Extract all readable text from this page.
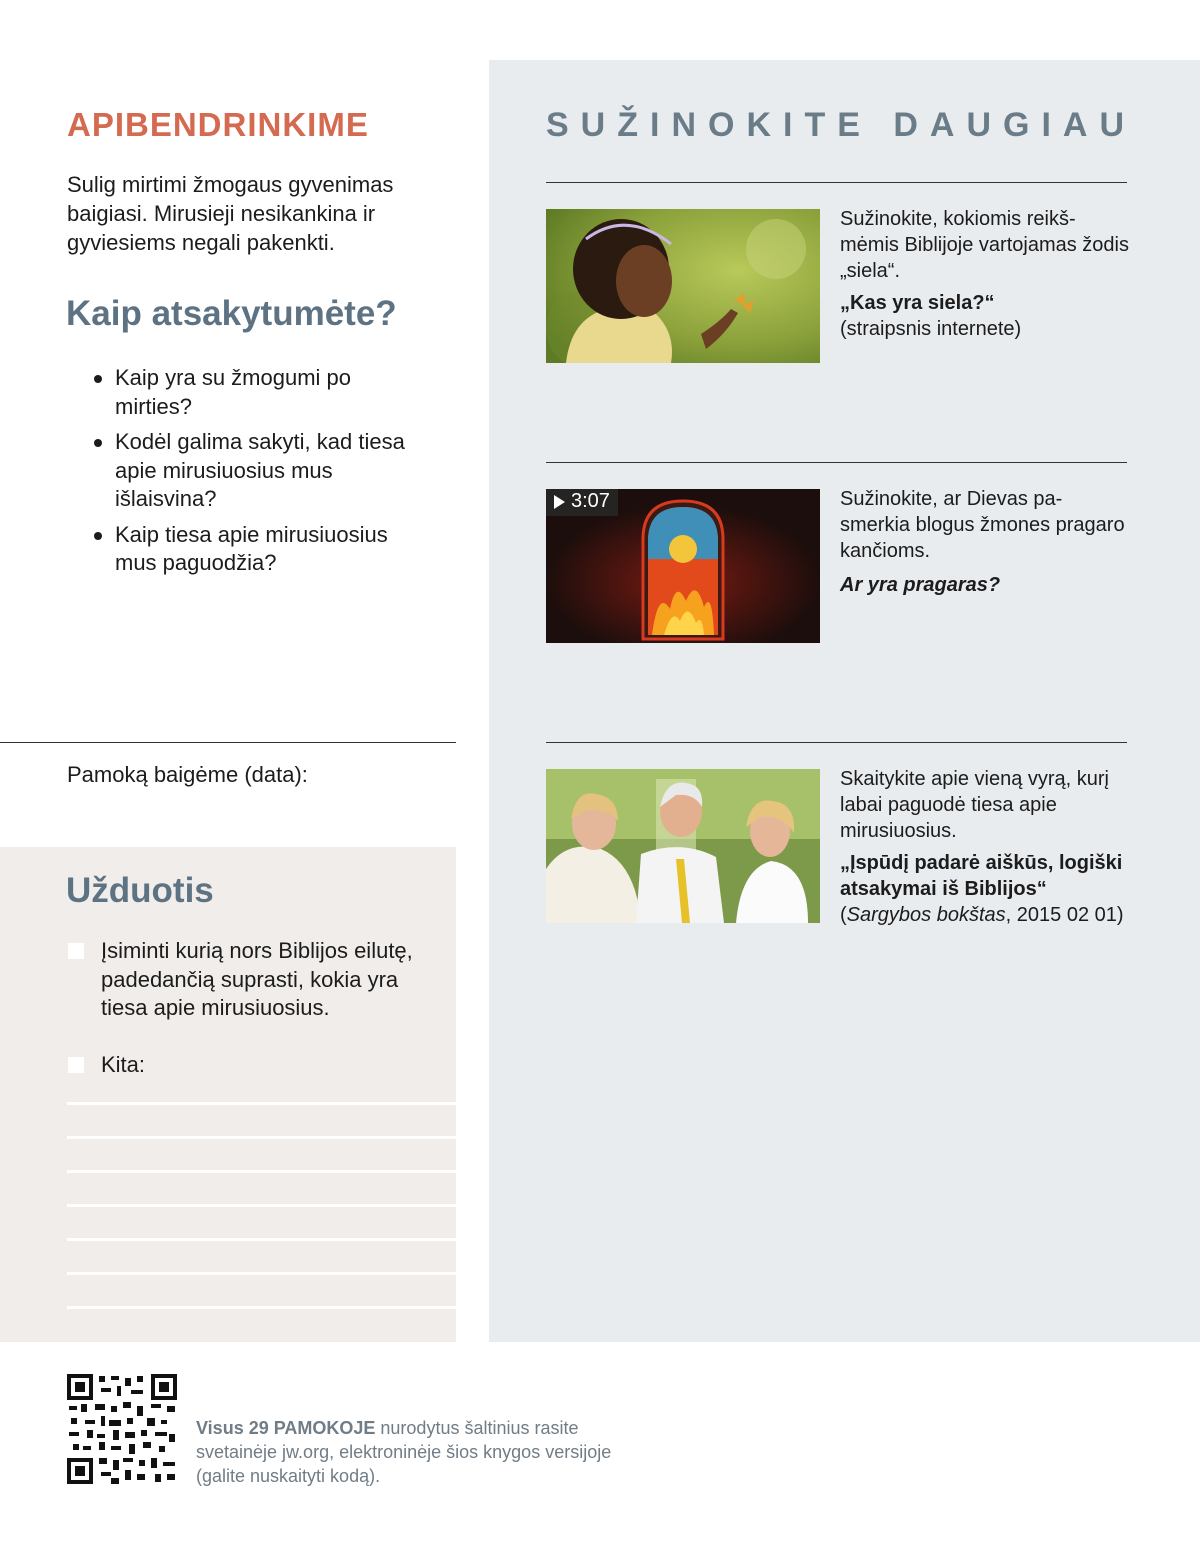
SUŽINOKITE DAUGIAU

Sužinokite, kokiomis reikš-mėmis Biblijoje vartojamas žodis „siela“.

„Kas yra siela?“

(straipsnis internete)

3:07	Sužinokite, ar Dievas pa-smerkia blogus žmones pragaro kančioms.

Ar yra pragaras?

Skaitykite apie vieną vyrą, kurį labai paguodė tiesa apie mirusiuosius.

„Įspūdį padarė aiškūs, logiški atsakymai iš Biblijos“

(Sargybos bokštas, 2015 02 01)

APIBENDRINKIME

Sulig mirtimi žmogaus gyvenimas baigiasi. Mirusieji nesikankina ir gyviesiems negali pakenkti.

Kaip atsakytumėte?
Kaip yra su žmogumi po mirties?
Kodėl galima sakyti, kad tiesa apie mirusiuosius mus išlaisvina?
Kaip tiesa apie mirusiuosius mus paguodžia?
Pamoką baigėme (data):
Užduotis
Įsiminti kurią nors Biblijos eilutę, padedančią suprasti, kokia yra tiesa apie mirusiuosius.
Kita:

Visus 29 PAMOKOJE nurodytus šaltinius rasite svetainėje jw.org, elektroninėje šios knygos versijoje (galite nuskaityti kodą).
